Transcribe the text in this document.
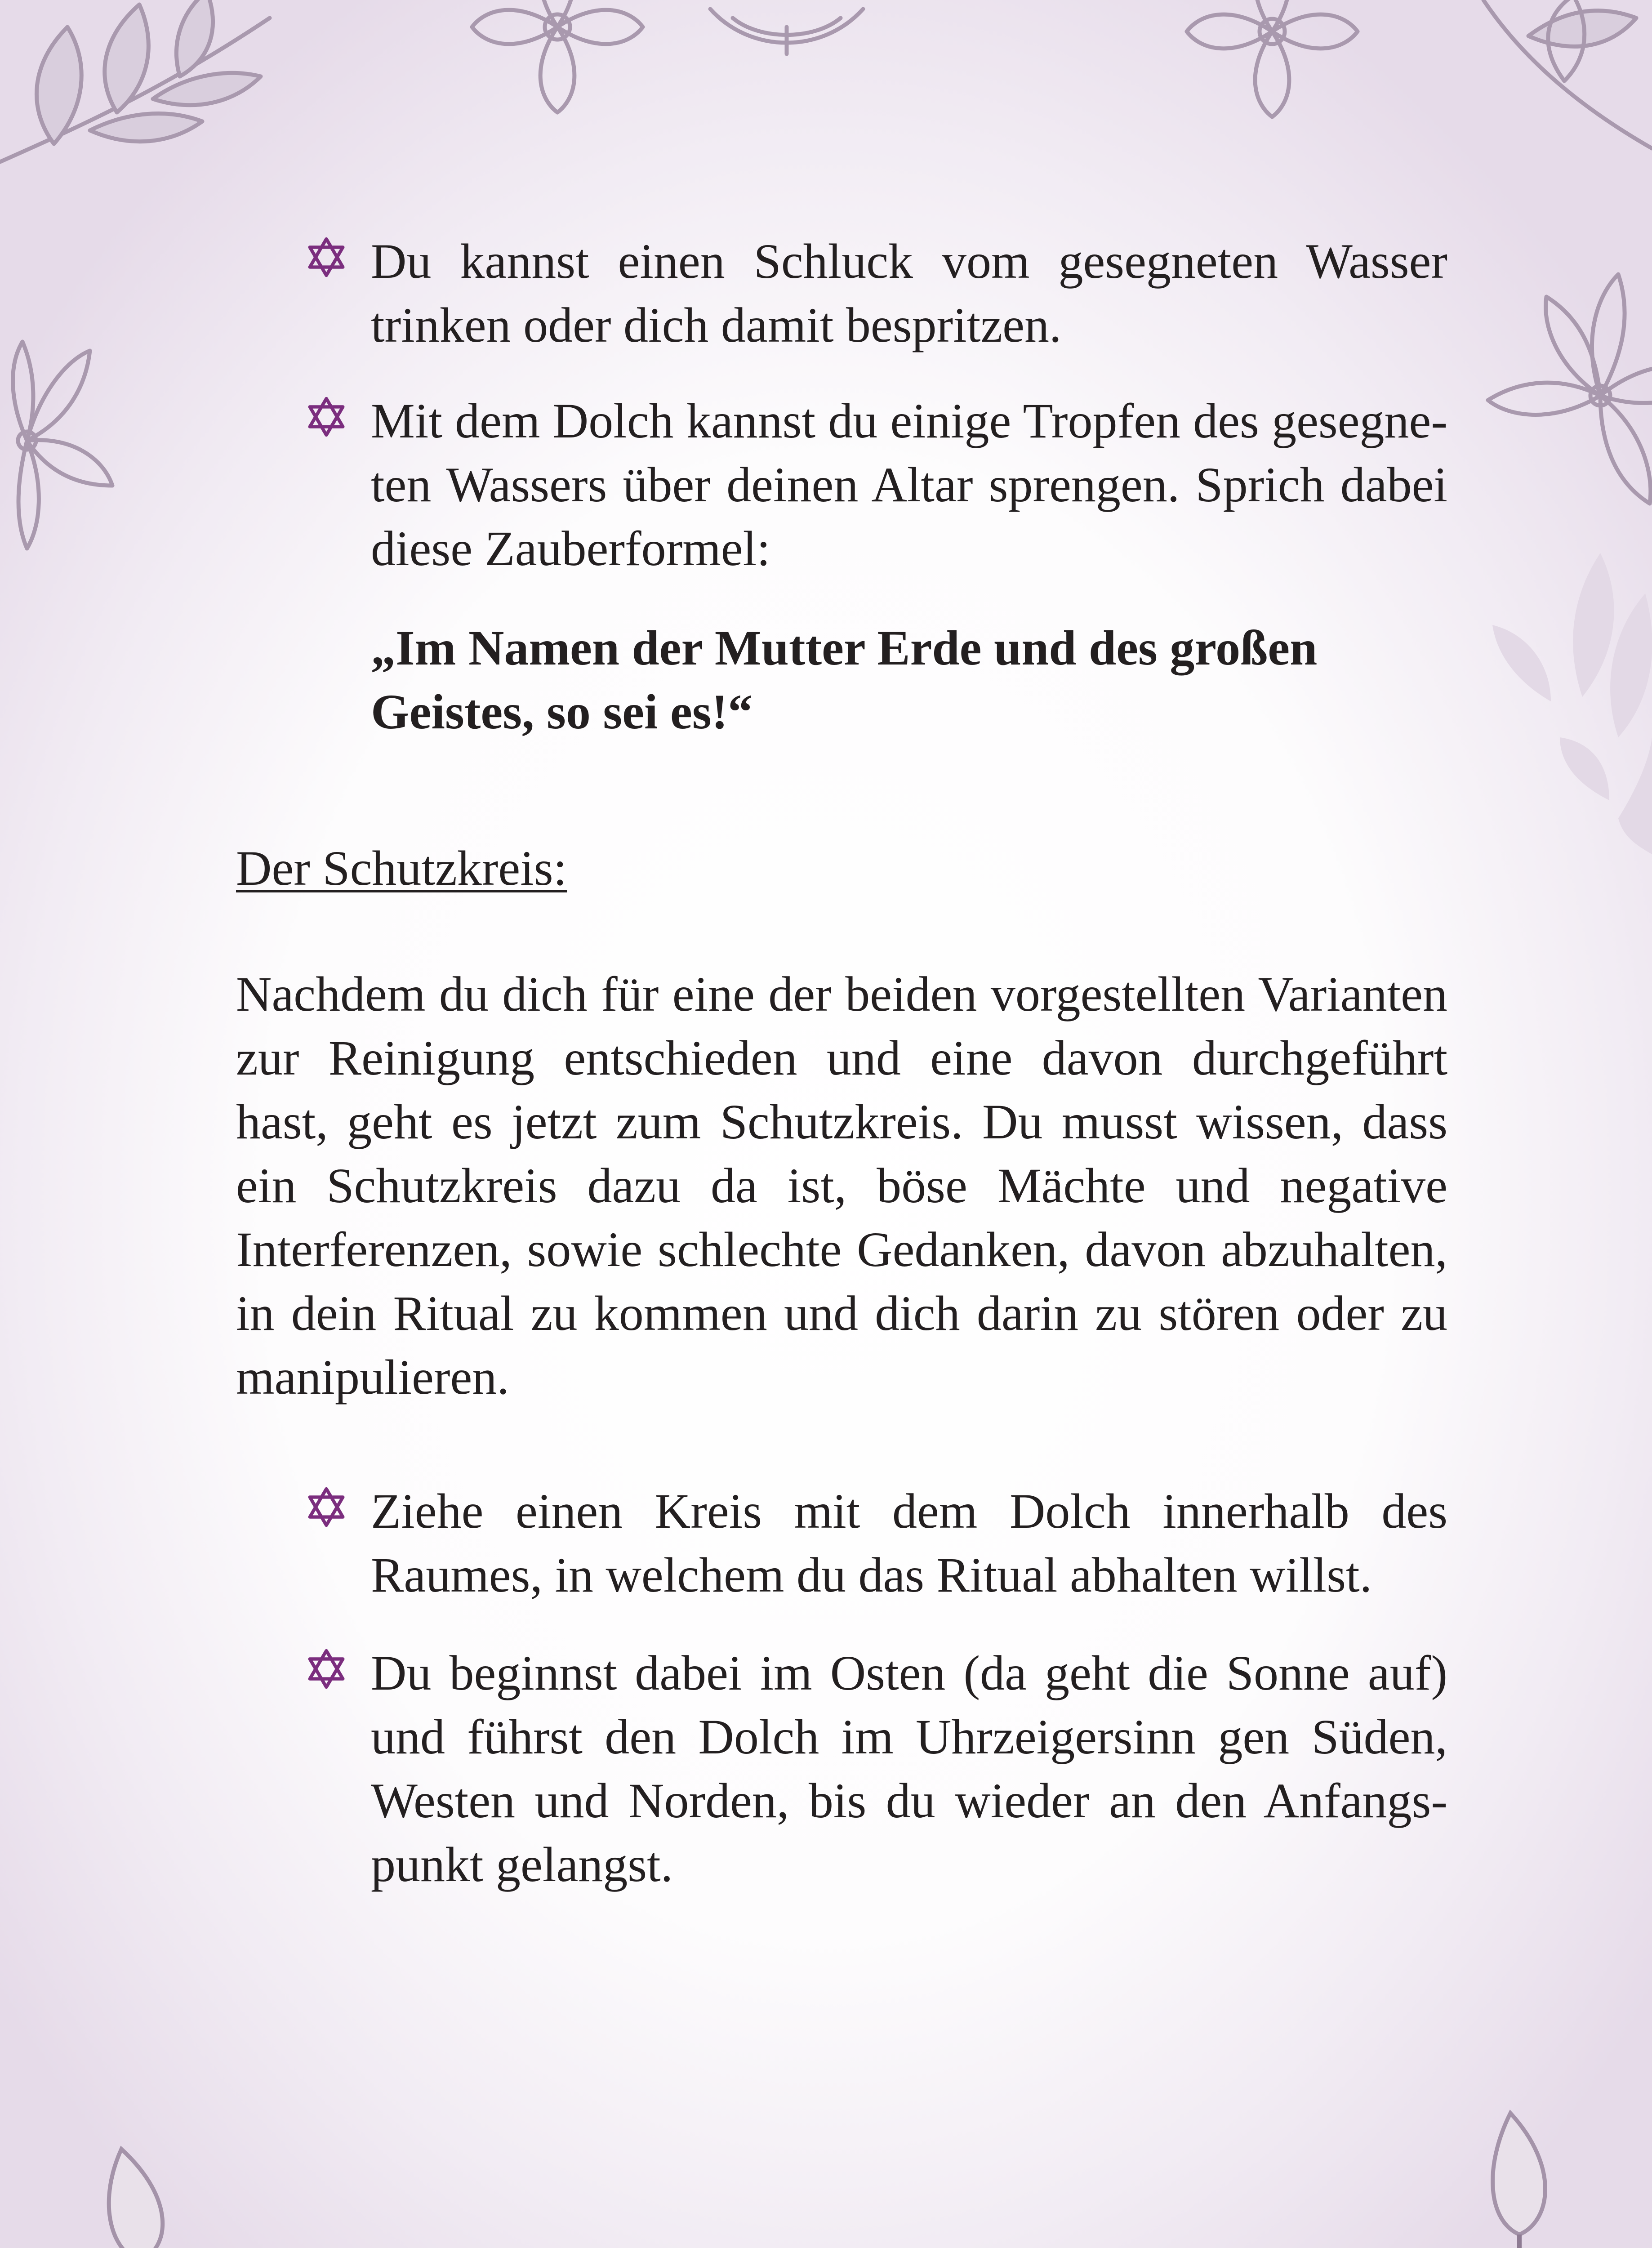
Du kannst einen Schluck vom gesegneten Wasser trinken oder dich damit bespritzen.
Mit dem Dolch kannst du einige Tropfen des gesegneten Wassers über deinen Altar sprengen. Sprich dabei diese Zauberformel:
„Im Namen der Mutter Erde und des großen Geistes, so sei es!“
Der Schutzkreis:
Nachdem du dich für eine der beiden vorgestellten Varianten zur Reinigung entschieden und eine davon durchgeführt hast, geht es jetzt zum Schutzkreis. Du musst wissen, dass ein Schutzkreis dazu da ist, böse Mächte und negative Interferenzen, sowie schlechte Gedanken, davon abzuhalten, in dein Ritual zu kommen und dich darin zu stören oder zu manipulieren.
Ziehe einen Kreis mit dem Dolch innerhalb des Raumes, in welchem du das Ritual abhalten willst.
Du beginnst dabei im Osten (da geht die Sonne auf) und führst den Dolch im Uhrzeigersinn gen Süden, Westen und Norden, bis du wieder an den Anfangspunkt gelangst.
